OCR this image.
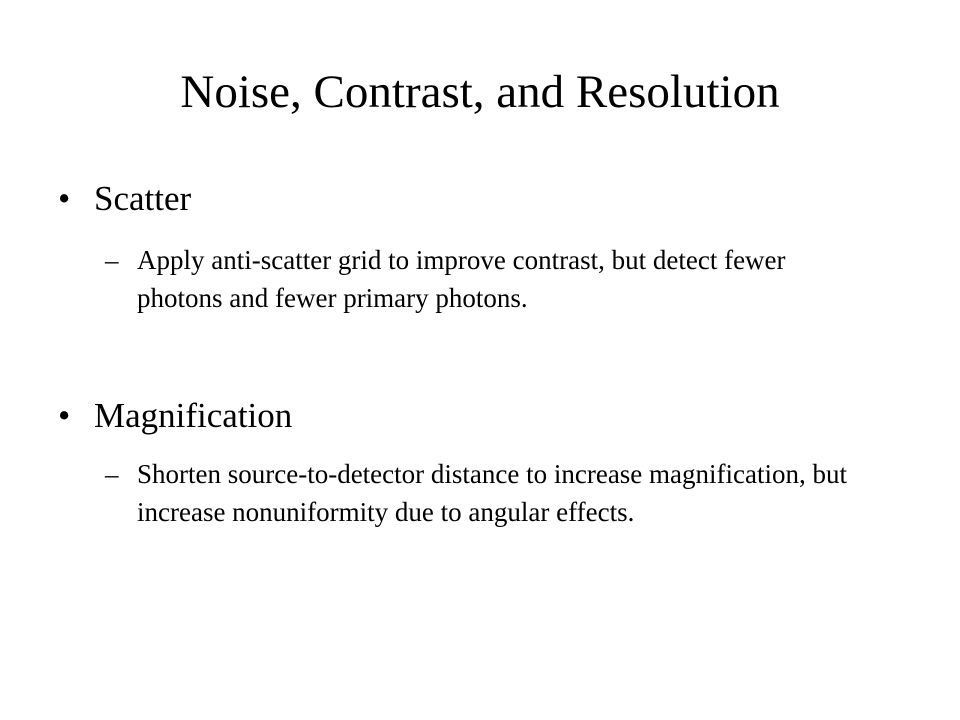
Noise, Contrast, and Resolution
• Scatter
– Apply anti-scatter grid to improve contrast, but detect fewer photons and fewer primary photons.
• Magnification
– Shorten source-to-detector distance to increase magnification, but increase nonuniformity due to angular effects.
